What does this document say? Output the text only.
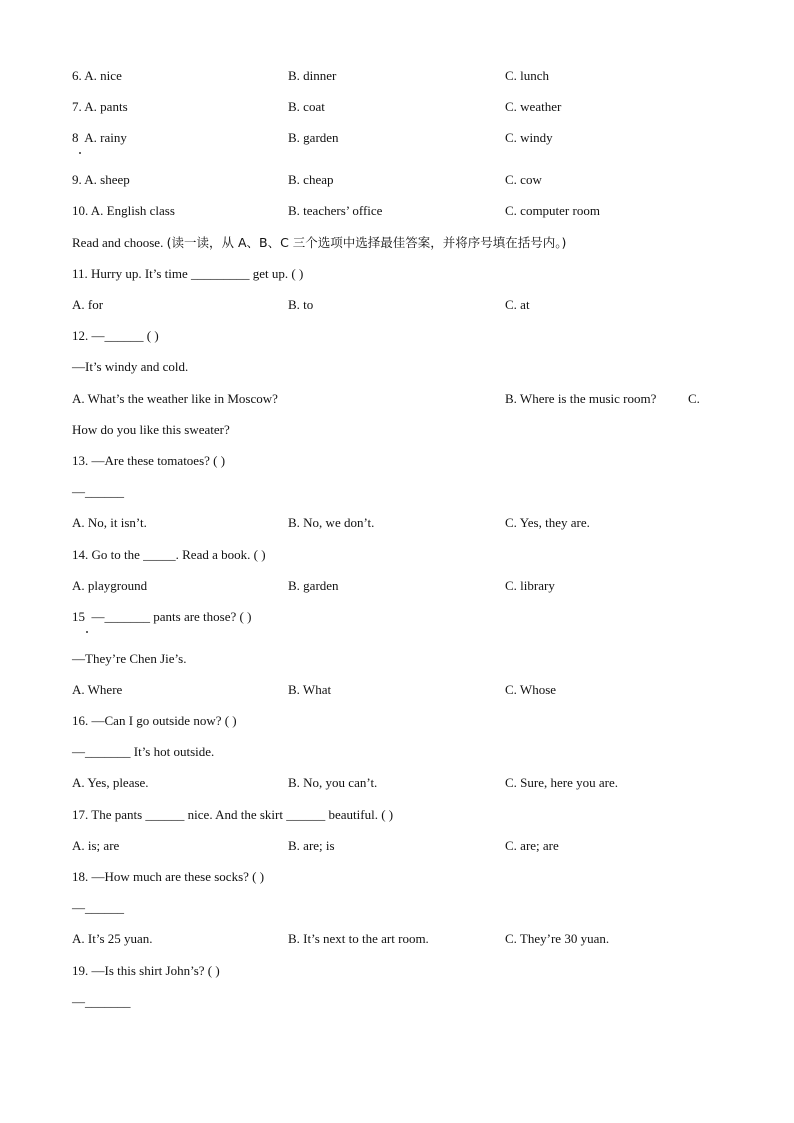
6. A. nice	B. dinner	C. lunch
7. A. pants	B. coat	C. weather
8 A. rainy	B. garden	C. windy
9. A. sheep	B. cheap	C. cow
10. A. English class	B. teachers’ office	C. computer room
Read and choose. (读一读，从 A、B、C 三个选项中选择最佳答案，并将序号填在括号内。)
11. Hurry up. It’s time _________ get up. ( )
A. for	B. to	C. at
12. —______ ( )
—It’s windy and cold.
A. What’s the weather like in Moscow?	B. Where is the music room? C.
How do you like this sweater?
13. —Are these tomatoes? ( )
—______
A. No, it isn’t.	B. No, we don’t.	C. Yes, they are.
14. Go to the _____. Read a book. ( )
A. playground	B. garden	C. library
15 —_______ pants are those? ( )
—They’re Chen Jie’s.
A. Where	B. What	C. Whose
16. —Can I go outside now? ( )
—_______ It’s hot outside.
A. Yes, please.	B. No, you can’t.	C. Sure, here you are.
17. The pants ______ nice. And the skirt ______ beautiful. ( )
A. is; are	B. are; is	C. are; are
18. —How much are these socks? ( )
—______
A. It’s 25 yuan.	B. It’s next to the art room.	C. They’re 30 yuan.
19. —Is this shirt John’s? ( )
—_______
